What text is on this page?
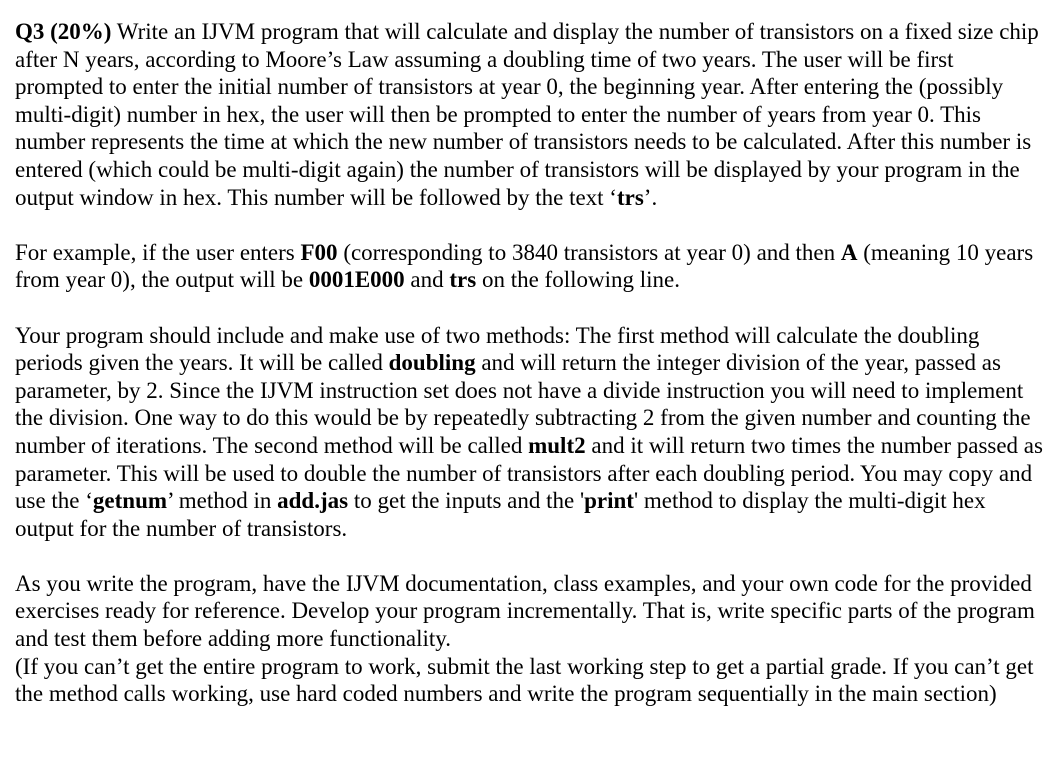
Q3 (20%) Write an IJVM program that will calculate and display the number of transistors on a fixed size chip after N years, according to Moore’s Law assuming a doubling time of two years. The user will be first prompted to enter the initial number of transistors at year 0, the beginning year. After entering the (possibly multi-digit) number in hex, the user will then be prompted to enter the number of years from year 0. This number represents the time at which the new number of transistors needs to be calculated. After this number is entered (which could be multi-digit again) the number of transistors will be displayed by your program in the output window in hex. This number will be followed by the text ‘trs’.

For example, if the user enters F00 (corresponding to 3840 transistors at year 0) and then A (meaning 10 years from year 0), the output will be 0001E000 and trs on the following line.

Your program should include and make use of two methods: The first method will calculate the doubling periods given the years. It will be called doubling and will return the integer division of the year, passed as parameter, by 2. Since the IJVM instruction set does not have a divide instruction you will need to implement the division. One way to do this would be by repeatedly subtracting 2 from the given number and counting the number of iterations. The second method will be called mult2 and it will return two times the number passed as parameter. This will be used to double the number of transistors after each doubling period. You may copy and use the ‘getnum’ method in add.jas to get the inputs and the 'print' method to display the multi-digit hex output for the number of transistors.

As you write the program, have the IJVM documentation, class examples, and your own code for the provided exercises ready for reference. Develop your program incrementally. That is, write specific parts of the program and test them before adding more functionality.
(If you can’t get the entire program to work, submit the last working step to get a partial grade. If you can’t get the method calls working, use hard coded numbers and write the program sequentially in the main section)
